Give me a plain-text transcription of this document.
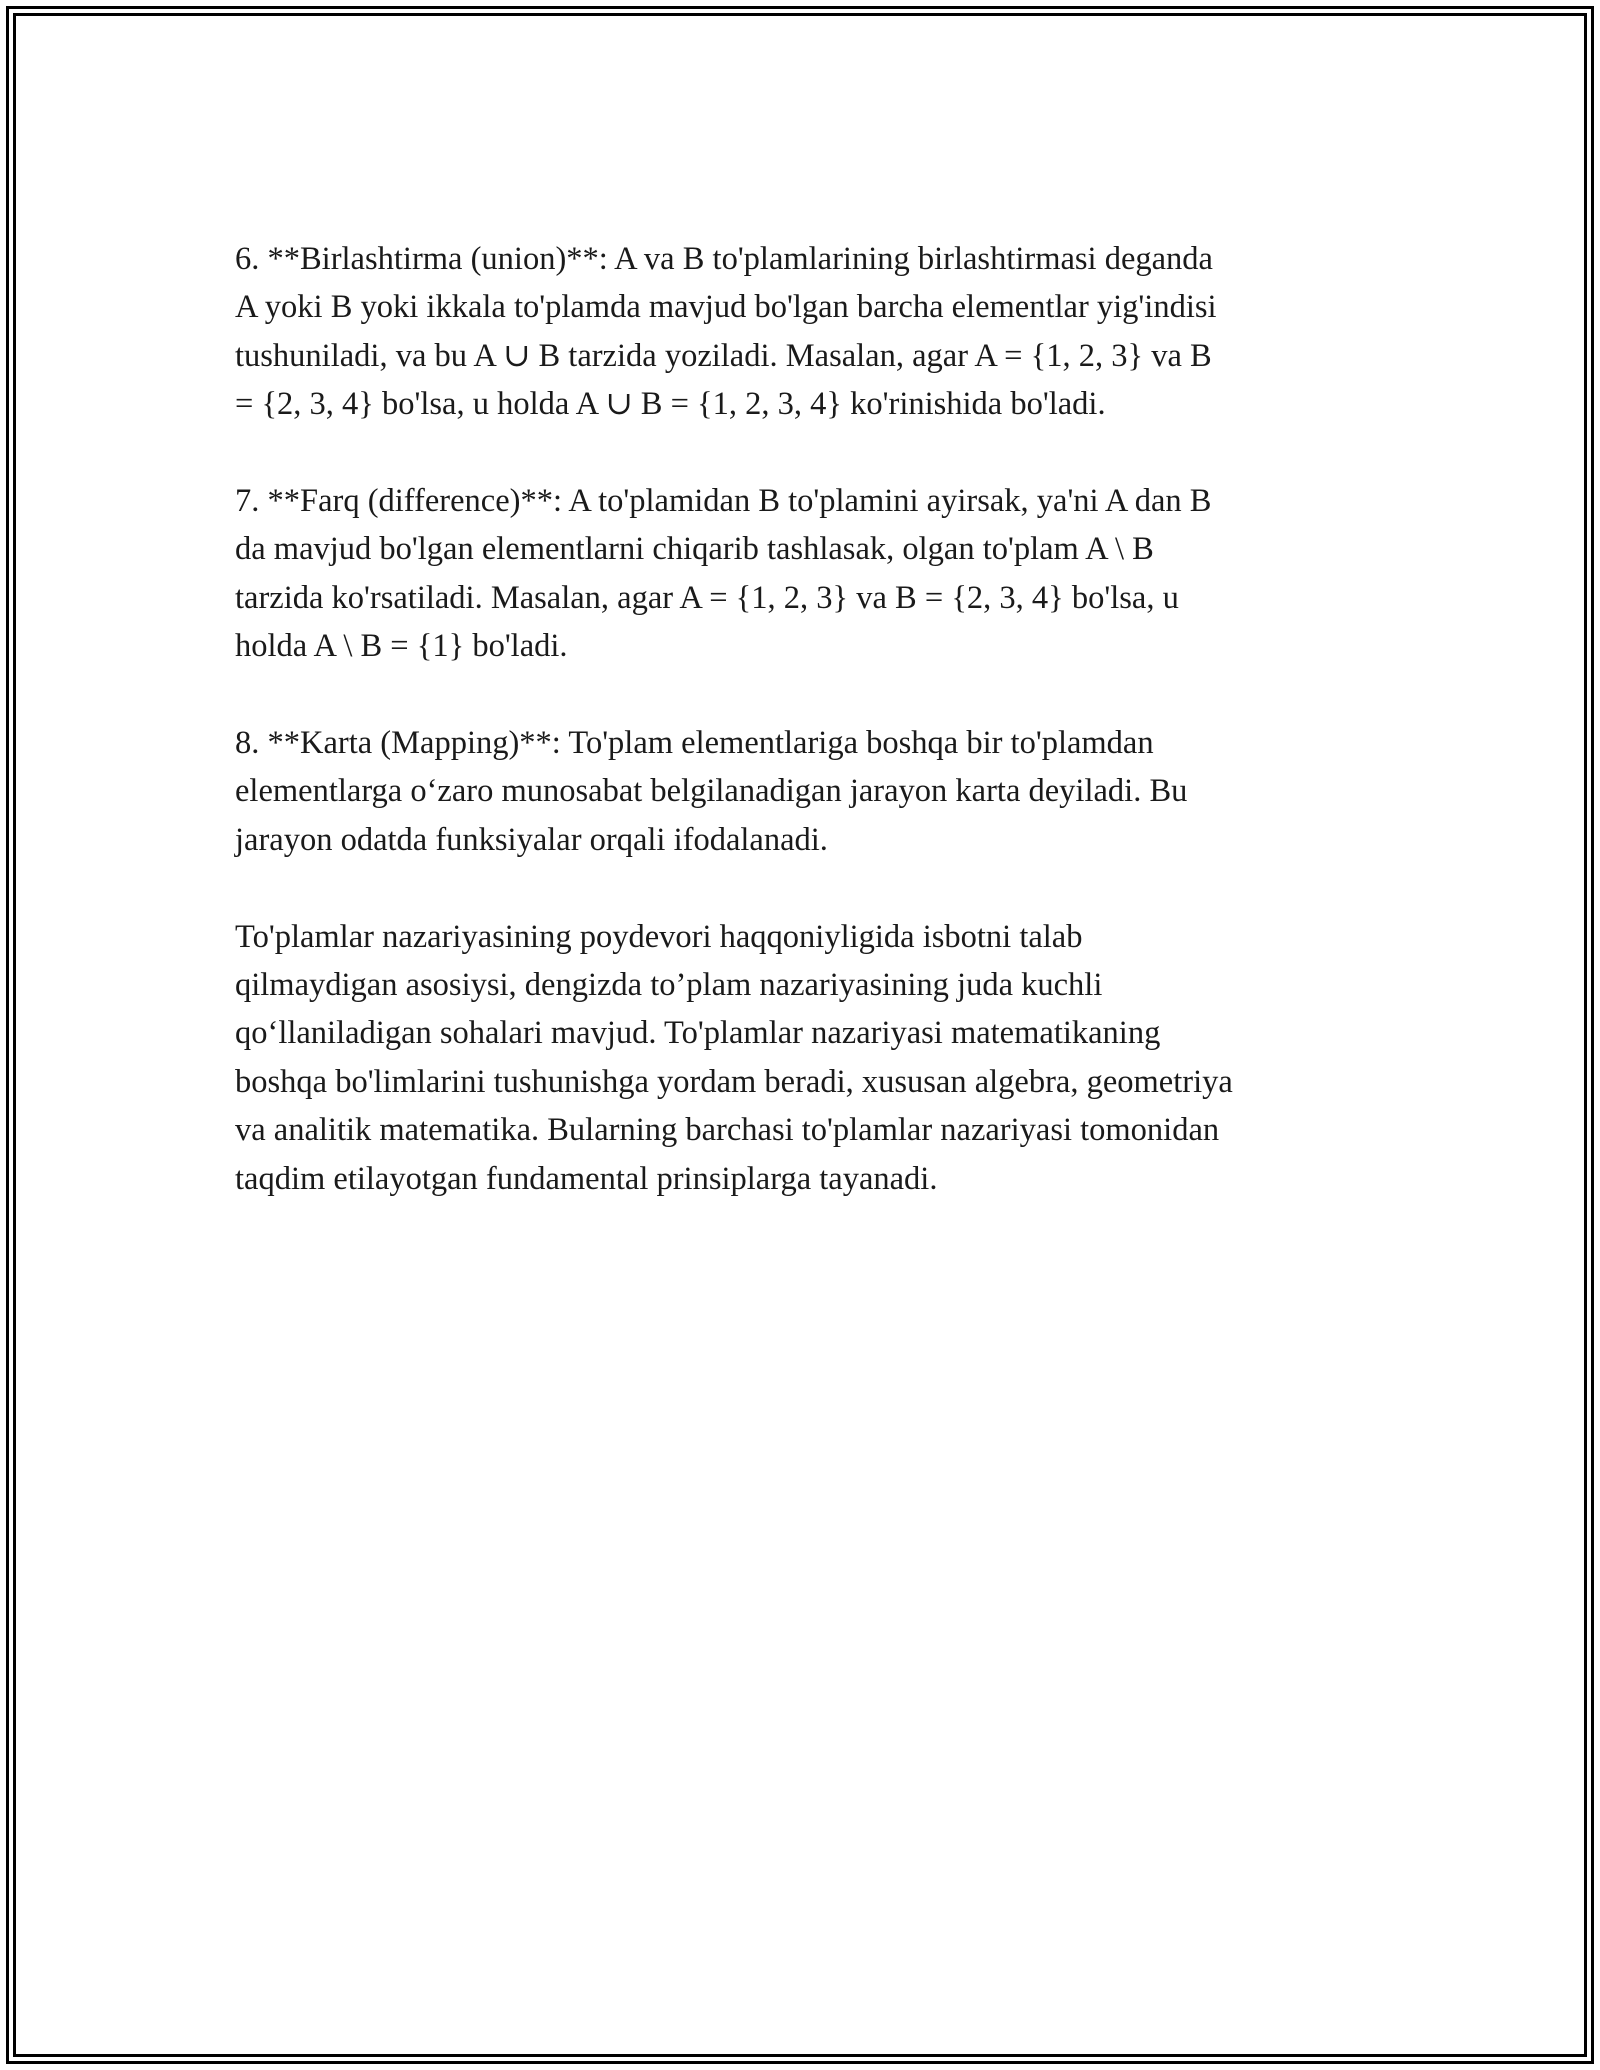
6. **Birlashtirma (union)**: A va B to'plamlarining birlashtirmasi deganda
A yoki B yoki ikkala to'plamda mavjud bo'lgan barcha elementlar yig'indisi
tushuniladi, va bu A ∪ B tarzida yoziladi. Masalan, agar A = {1, 2, 3} va B
= {2, 3, 4} bo'lsa, u holda A ∪ B = {1, 2, 3, 4} ko'rinishida bo'ladi.

7. **Farq (difference)**: A to'plamidan B to'plamini ayirsak, ya'ni A dan B
da mavjud bo'lgan elementlarni chiqarib tashlasak, olgan to'plam A \ B
tarzida ko'rsatiladi. Masalan, agar A = {1, 2, 3} va B = {2, 3, 4} bo'lsa, u
holda A \ B = {1} bo'ladi.

8. **Karta (Mapping)**: To'plam elementlariga boshqa bir to'plamdan
elementlarga oʻzaro munosabat belgilanadigan jarayon karta deyiladi. Bu
jarayon odatda funksiyalar orqali ifodalanadi.

To'plamlar nazariyasining poydevori haqqoniyligida isbotni talab
qilmaydigan asosiysi, dengizda to’plam nazariyasining juda kuchli
qoʻllaniladigan sohalari mavjud. To'plamlar nazariyasi matematikaning
boshqa bo'limlarini tushunishga yordam beradi, xususan algebra, geometriya
va analitik matematika. Bularning barchasi to'plamlar nazariyasi tomonidan
taqdim etilayotgan fundamental prinsiplarga tayanadi.
